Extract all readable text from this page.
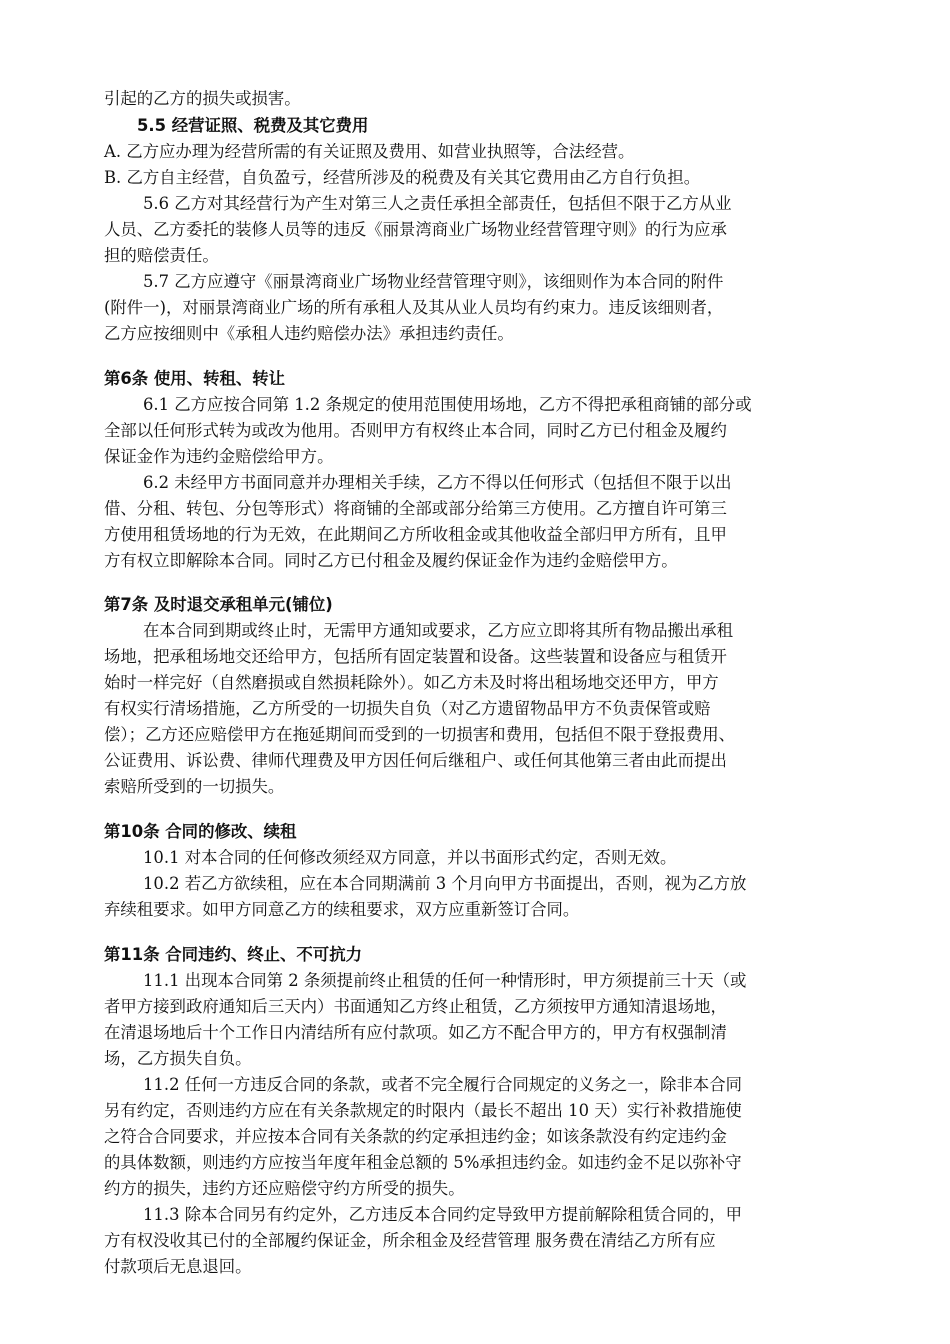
引起的乙方的损失或损害。
5.5 经营证照、税费及其它费用
A. 乙方应办理为经营所需的有关证照及费用、如营业执照等，合法经营。
B. 乙方自主经营，自负盈亏，经营所涉及的税费及有关其它费用由乙方自行负担。
5.6 乙方对其经营行为产生对第三人之责任承担全部责任，包括但不限于乙方从业
人员、乙方委托的装修人员等的违反《丽景湾商业广场物业经营管理守则》的行为应承
担的赔偿责任。
5.7 乙方应遵守《丽景湾商业广场物业经营管理守则》，该细则作为本合同的附件
(附件一)，对丽景湾商业广场的所有承租人及其从业人员均有约束力。违反该细则者，
乙方应按细则中《承租人违约赔偿办法》承担违约责任。
第6条 使用、转租、转让
6.1 乙方应按合同第 1.2 条规定的使用范围使用场地，乙方不得把承租商铺的部分或
全部以任何形式转为或改为他用。否则甲方有权终止本合同，同时乙方已付租金及履约
保证金作为违约金赔偿给甲方。
6.2 未经甲方书面同意并办理相关手续，乙方不得以任何形式（包括但不限于以出
借、分租、转包、分包等形式）将商铺的全部或部分给第三方使用。乙方擅自许可第三
方使用租赁场地的行为无效，在此期间乙方所收租金或其他收益全部归甲方所有，且甲
方有权立即解除本合同。同时乙方已付租金及履约保证金作为违约金赔偿甲方。
第7条 及时退交承租单元(铺位)
在本合同到期或终止时，无需甲方通知或要求，乙方应立即将其所有物品搬出承租
场地，把承租场地交还给甲方，包括所有固定装置和设备。这些装置和设备应与租赁开
始时一样完好（自然磨损或自然损耗除外）。如乙方未及时将出租场地交还甲方，甲方
有权实行清场措施，乙方所受的一切损失自负（对乙方遗留物品甲方不负责保管或赔
偿）；乙方还应赔偿甲方在拖延期间而受到的一切损害和费用，包括但不限于登报费用、
公证费用、诉讼费、律师代理费及甲方因任何后继租户、或任何其他第三者由此而提出
索赔所受到的一切损失。
第10条 合同的修改、续租
10.1 对本合同的任何修改须经双方同意，并以书面形式约定，否则无效。
10.2 若乙方欲续租，应在本合同期满前 3 个月向甲方书面提出，否则，视为乙方放
弃续租要求。如甲方同意乙方的续租要求，双方应重新签订合同。
第11条 合同违约、终止、不可抗力
11.1 出现本合同第 2 条须提前终止租赁的任何一种情形时，甲方须提前三十天（或
者甲方接到政府通知后三天内）书面通知乙方终止租赁，乙方须按甲方通知清退场地，
在清退场地后十个工作日内清结所有应付款项。如乙方不配合甲方的，甲方有权强制清
场，乙方损失自负。
11.2 任何一方违反合同的条款，或者不完全履行合同规定的义务之一，除非本合同
另有约定，否则违约方应在有关条款规定的时限内（最长不超出 10 天）实行补救措施使
之符合合同要求，并应按本合同有关条款的约定承担违约金；如该条款没有约定违约金
的具体数额，则违约方应按当年度年租金总额的 5%承担违约金。如违约金不足以弥补守
约方的损失，违约方还应赔偿守约方所受的损失。
11.3 除本合同另有约定外，乙方违反本合同约定导致甲方提前解除租赁合同的，甲
方有权没收其已付的全部履约保证金，所余租金及经营管理 服务费在清结乙方所有应
付款项后无息退回。
